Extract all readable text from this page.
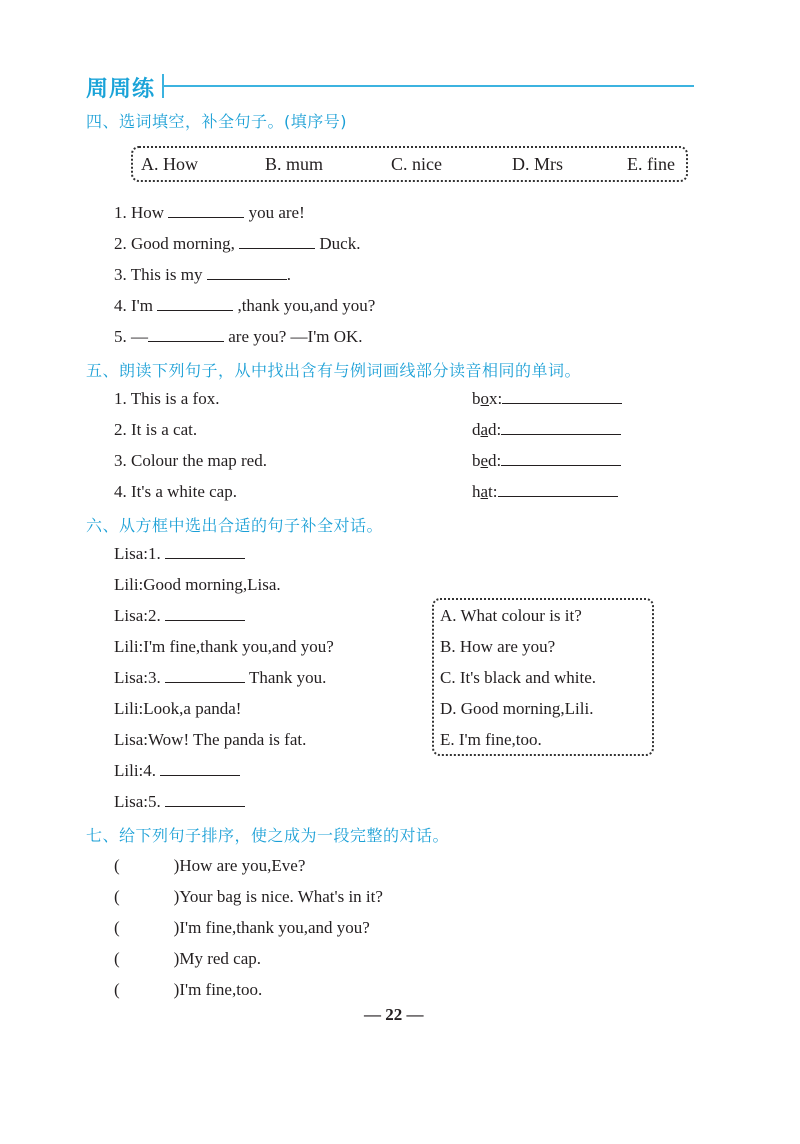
周周练
四、选词填空，补全句子。(填序号)
A. How	B. mum	C. nice	D. Mrs	E. fine
1. How	you are!
2. Good morning,	Duck.
3. This is my	.
4. I'm	,thank you,and you?
5. —	are you? —I'm OK.
五、朗读下列句子，从中找出含有与例词画线部分读音相同的单词。
1. This is a fox.
2. It is a cat.
3. Colour the map red.
4. It's a white cap.
box:
dad:
bed:
hat:
六、从方框中选出合适的句子补全对话。
Lisa:1.
Lili:Good morning,Lisa.
Lisa:2.
Lili:I'm fine,thank you,and you?
Lisa:3.	Thank you.
Lili:Look,a panda!
Lisa:Wow! The panda is fat.
Lili:4.
Lisa:5.
A. What colour is it?
B. How are you?
C. It's black and white.
D. Good morning,Lili.
E. I'm fine,too.
七、给下列句子排序，使之成为一段完整的对话。
(	)How are you,Eve?
(	)Your bag is nice. What's in it?
(	)I'm fine,thank you,and you?
(	)My red cap.
(	)I'm fine,too.
— 22 —
